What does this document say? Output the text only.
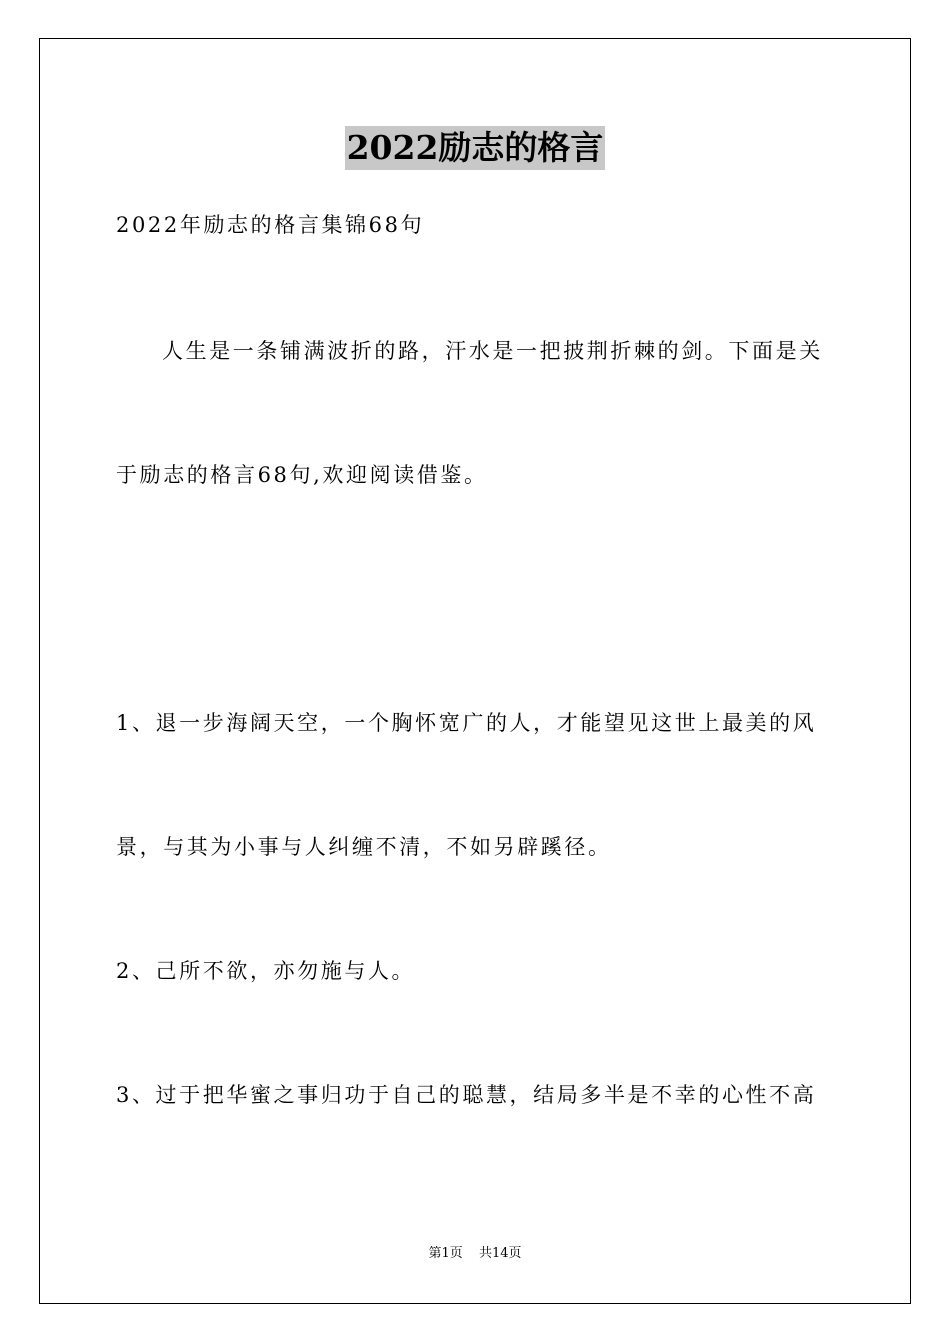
2022励志的格言
2022年励志的格言集锦68句
人生是一条铺满波折的路，汗水是一把披荆折棘的剑。下面是关
于励志的格言68句,欢迎阅读借鉴。
1、退一步海阔天空，一个胸怀宽广的人，才能望见这世上最美的风
景，与其为小事与人纠缠不清，不如另辟蹊径。
2、己所不欲，亦勿施与人。
3、过于把华蜜之事归功于自己的聪慧，结局多半是不幸的心性不高
第1页 共14页
